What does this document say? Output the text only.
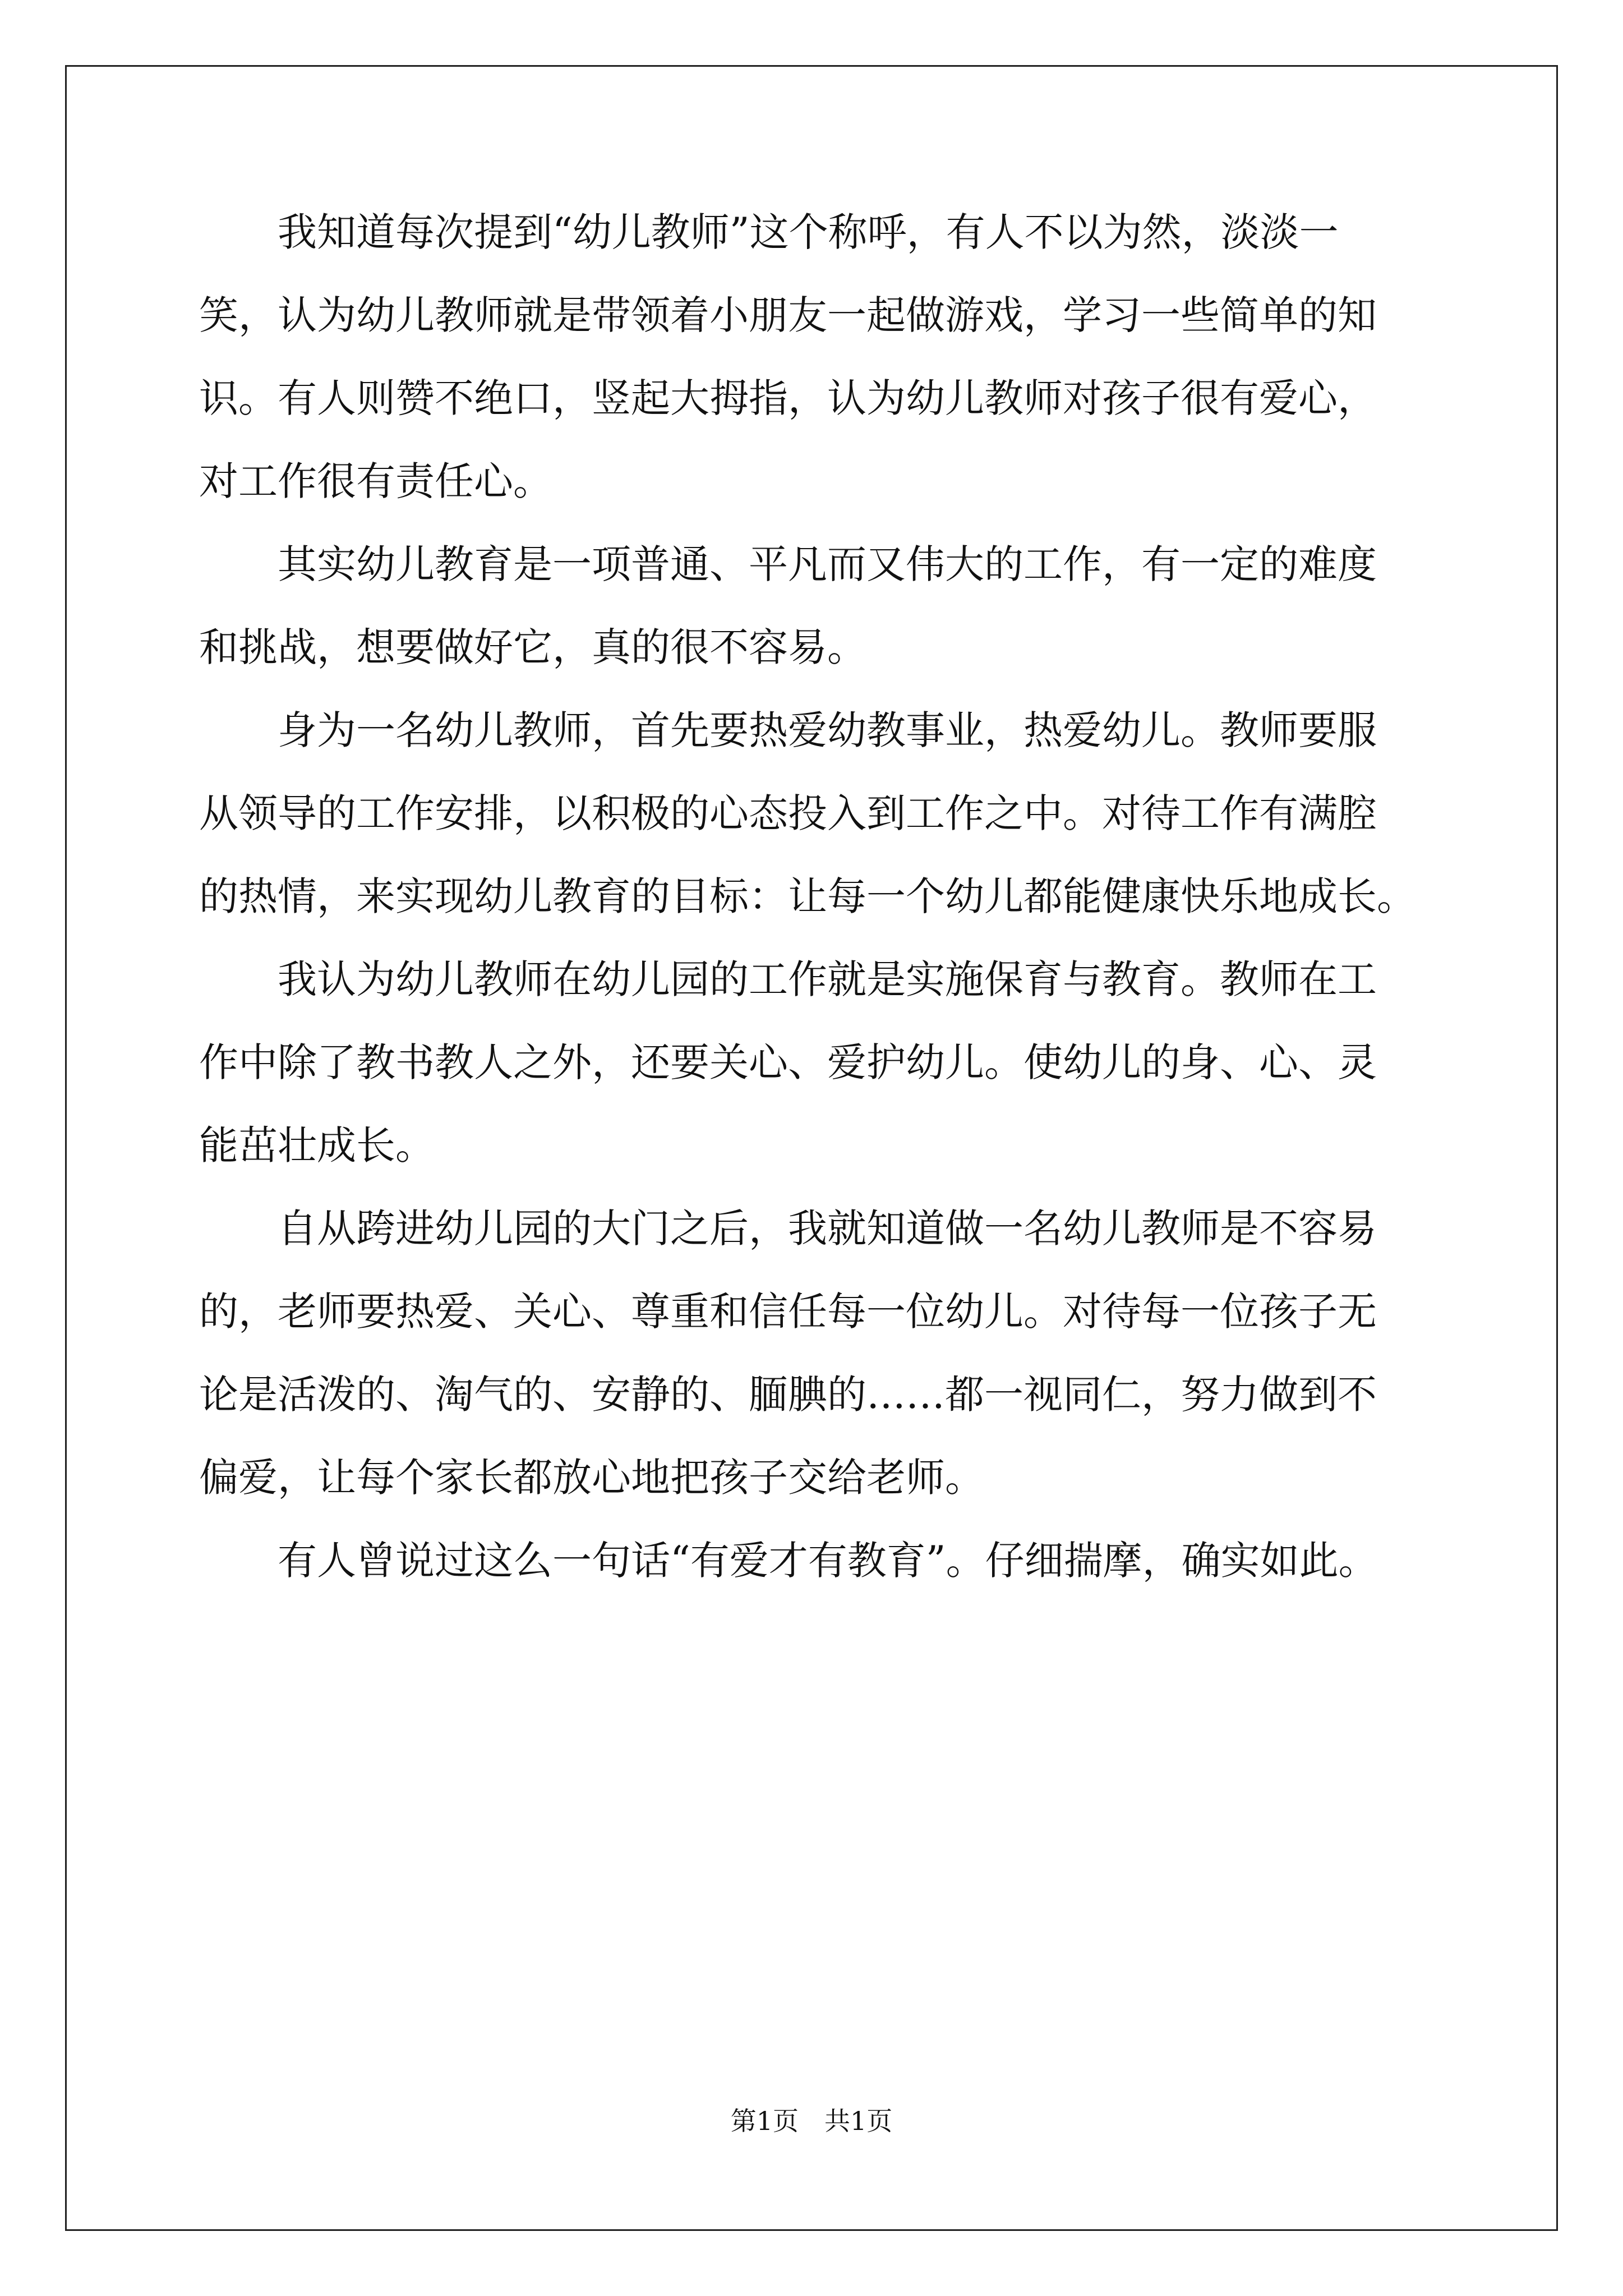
　　我知道每次提到“幼儿教师”这个称呼，有人不以为然，淡淡一
笑，认为幼儿教师就是带领着小朋友一起做游戏，学习一些简单的知
识。有人则赞不绝口，竖起大拇指，认为幼儿教师对孩子很有爱心，
对工作很有责任心。
　　其实幼儿教育是一项普通、平凡而又伟大的工作，有一定的难度
和挑战，想要做好它，真的很不容易。
　　身为一名幼儿教师，首先要热爱幼教事业，热爱幼儿。教师要服
从领导的工作安排，以积极的心态投入到工作之中。对待工作有满腔
的热情，来实现幼儿教育的目标：让每一个幼儿都能健康快乐地成长。
　　我认为幼儿教师在幼儿园的工作就是实施保育与教育。教师在工
作中除了教书教人之外，还要关心、爱护幼儿。使幼儿的身、心、灵
能茁壮成长。
　　自从跨进幼儿园的大门之后，我就知道做一名幼儿教师是不容易
的，老师要热爱、关心、尊重和信任每一位幼儿。对待每一位孩子无
论是活泼的、淘气的、安静的、腼腆的……都一视同仁，努力做到不
偏爱，让每个家长都放心地把孩子交给老师。
　　有人曾说过这么一句话“有爱才有教育”。仔细揣摩，确实如此。
第1页　共1页
